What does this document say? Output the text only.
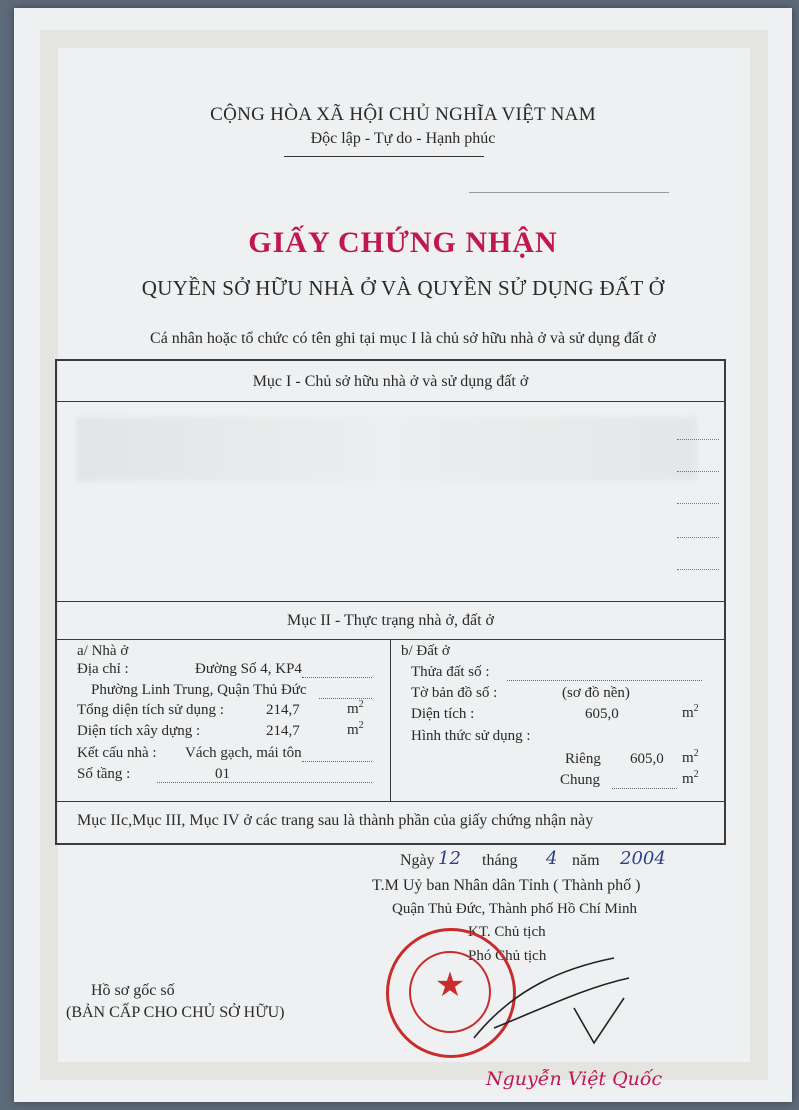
CỘNG HÒA XÃ HỘI CHỦ NGHĨA VIỆT NAM
Độc lập - Tự do - Hạnh phúc
GIẤY CHỨNG NHẬN
QUYỀN SỞ HỮU NHÀ Ở VÀ QUYỀN SỬ DỤNG ĐẤT Ở
Cá nhân hoặc tổ chức có tên ghi tại mục I là chủ sở hữu nhà ở và sử dụng đất ở
Mục I - Chủ sở hữu nhà ở và sử dụng đất ở
Mục II - Thực trạng nhà ở, đất ở
a/ Nhà ở
Địa chỉ :	Đường Số 4, KP4
Phường Linh Trung, Quận Thủ Đức
Tổng diện tích sử dụng :	214,7	$m^2$
Diện tích xây dựng :	214,7	$m^2$
Kết cấu nhà : Vách gạch, mái tôn
Số tầng :	01
b/ Đất ở
Thửa đất số :
Tờ bản đồ số :	(sơ đồ nền)
Diện tích :	605,0	$m^2$
Hình thức sử dụng :
Riêng 605,0 $m^2$
Chung	$m^2$
Mục IIc,Mục III, Mục IV ở các trang sau là thành phần của giấy chứng nhận này
Ngày 12 tháng 4 năm 2004
T.M Uỷ ban Nhân dân Tỉnh ( Thành phố )
Quận Thủ Đức, Thành phố Hồ Chí Minh
KT. Chủ tịch
Phó Chủ tịch
Hồ sơ gốc số
(BẢN CẤP CHO CHỦ SỞ HỮU)
★
Nguyễn Việt Quốc
